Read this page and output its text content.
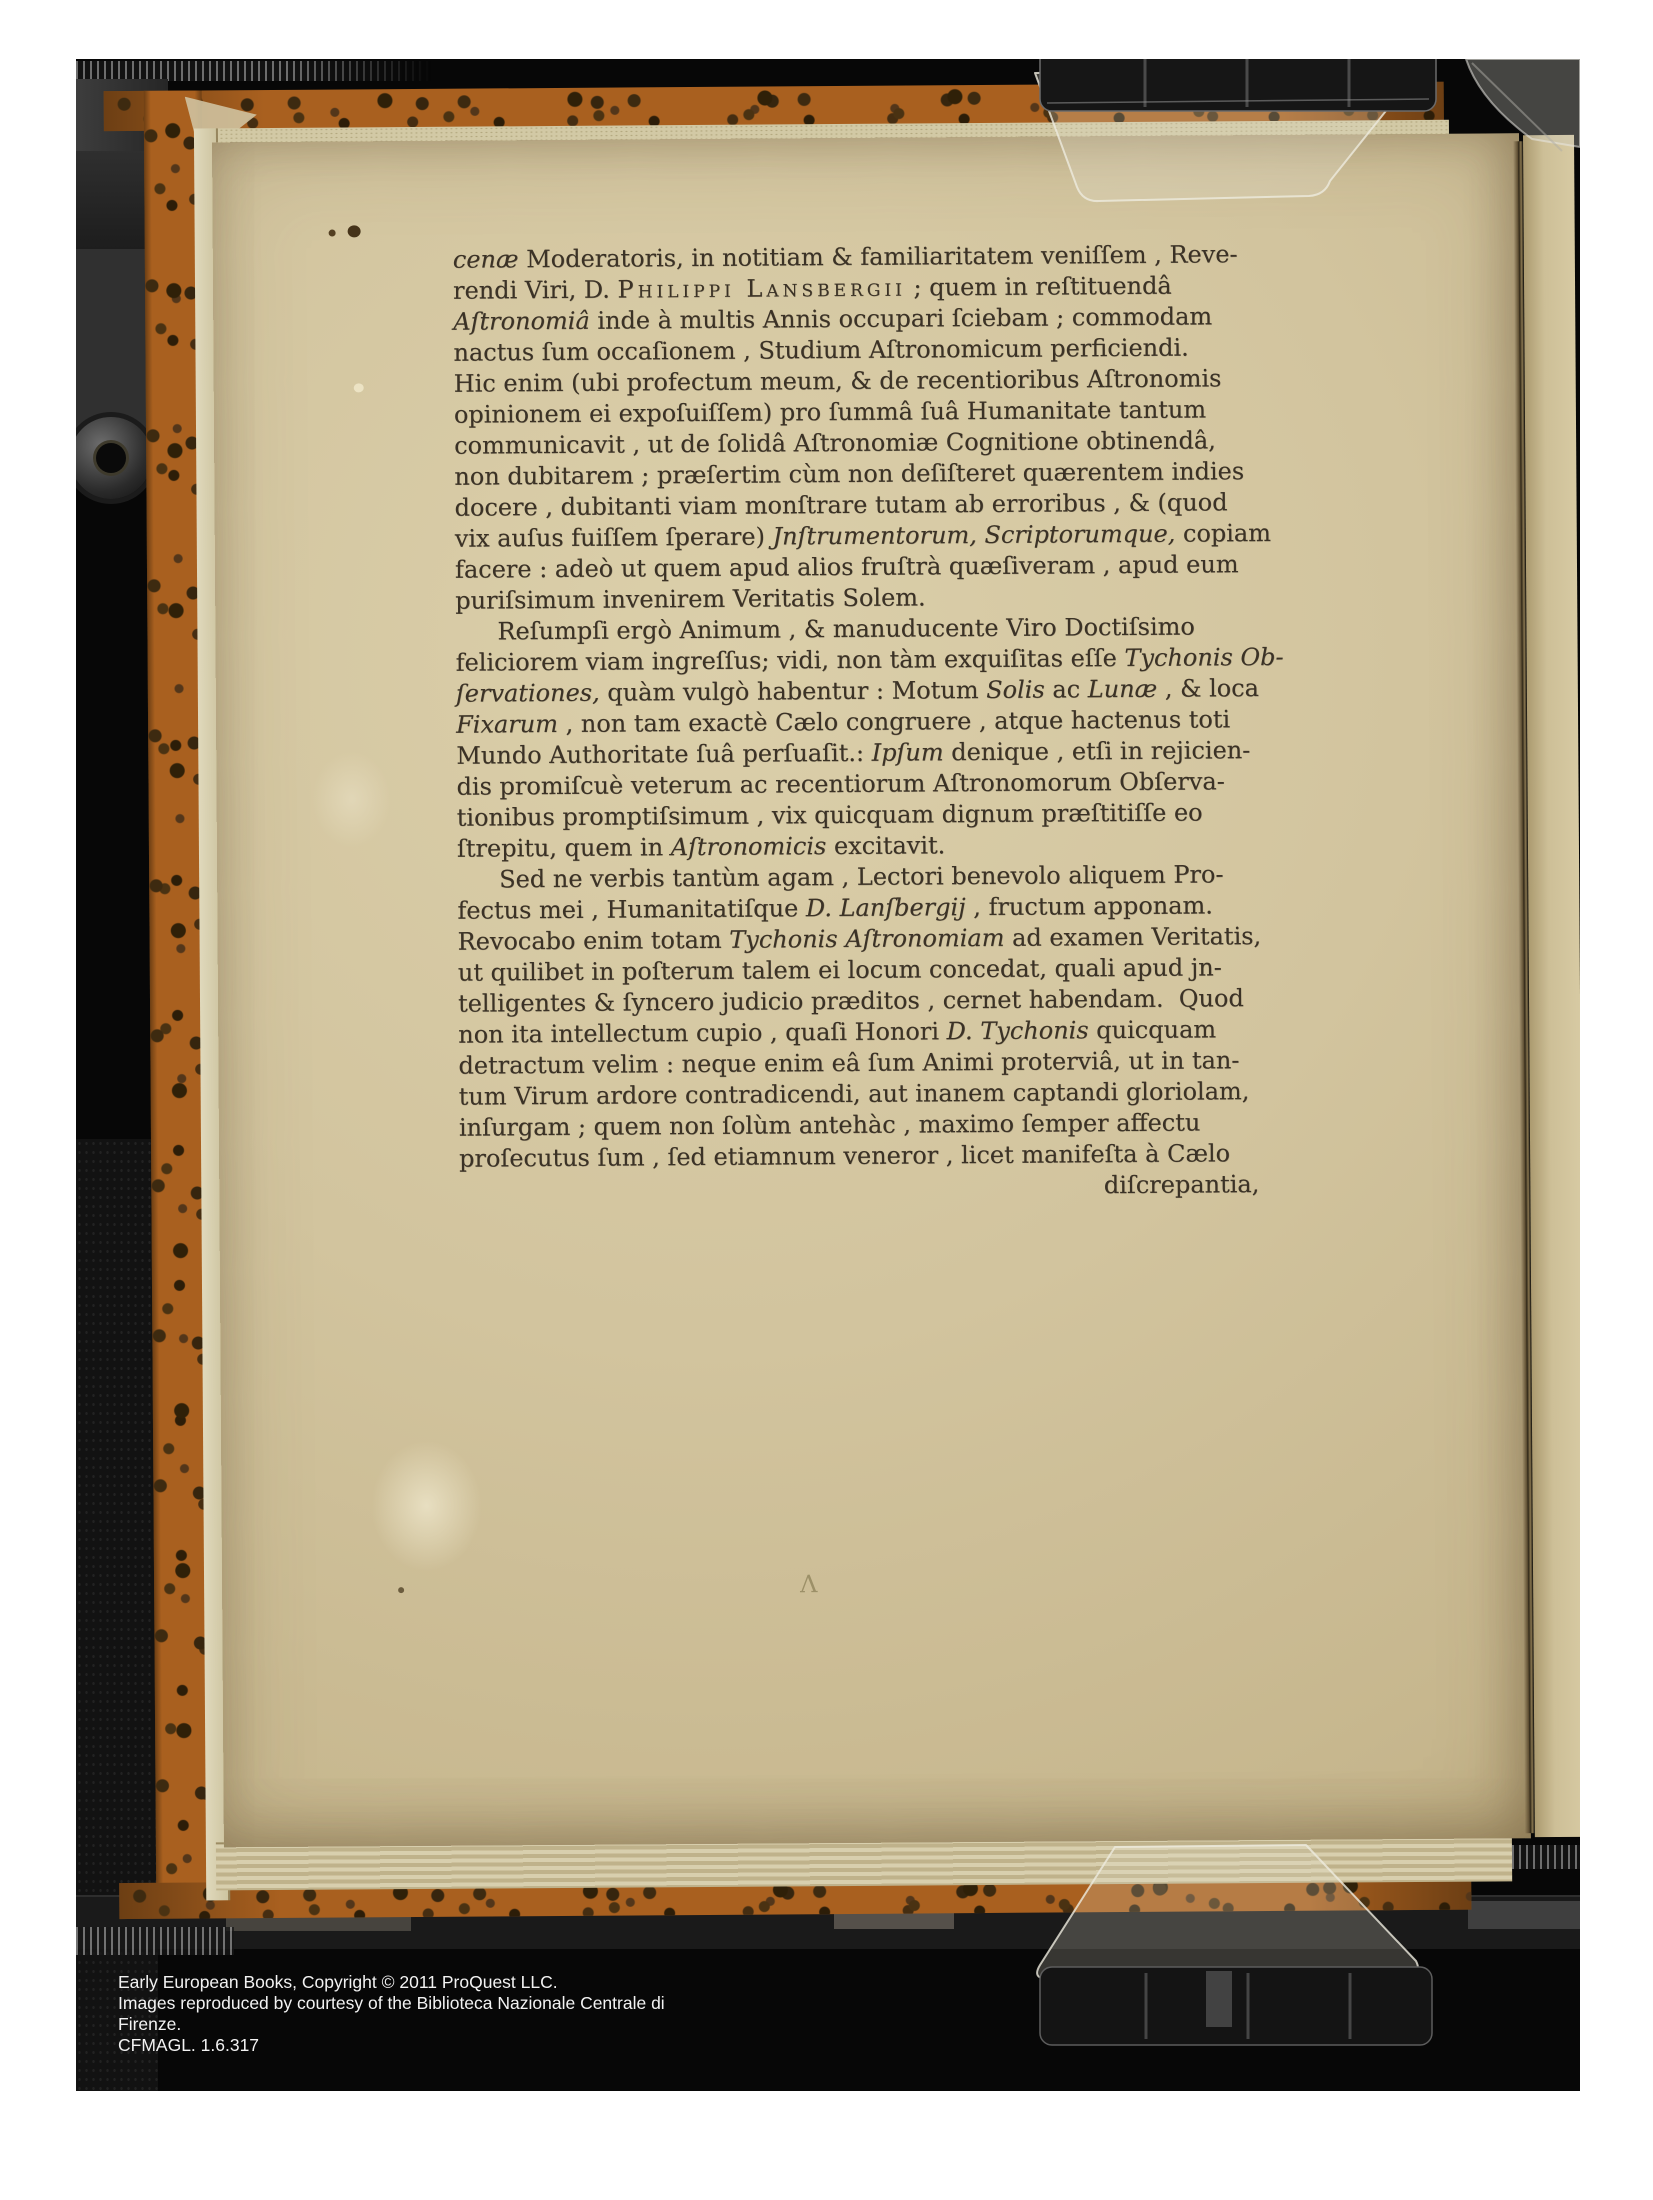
Λ
cenæ Moderatoris, in notitiam & familiaritatem veniſſem , Reve-
rendi Viri, D. Philippi Lansbergii ; quem in reſtituendâ
Aſtronomiâ inde à multis Annis occupari ſciebam ; commodam
nactus ſum occaſionem , Studium Aſtronomicum perficiendi.
Hic enim (ubi profectum meum, & de recentioribus Aſtronomis
opinionem ei expoſuiſſem) pro ſummâ ſuâ Humanitate tantum
communicavit , ut de ſolidâ Aſtronomiæ Cognitione obtinendâ,
non dubitarem ; præſertim cùm non deſiſteret quærentem indies
docere , dubitanti viam monſtrare tutam ab erroribus , & (quod
vix auſus fuiſſem ſperare) Jnſtrumentorum, Scriptorumque, copiam
facere : adeò ut quem apud alios fruſtrà quæſiveram , apud eum
puriſsimum invenirem Veritatis Solem.
Reſumpſi ergò Animum , & manuducente Viro Doctiſsimo
feliciorem viam ingreſſus; vidi, non tàm exquiſitas eſſe Tychonis Ob-
ſervationes, quàm vulgò habentur : Motum Solis ac Lunæ , & loca
Fixarum , non tam exactè Cælo congruere , atque hactenus toti
Mundo Authoritate ſuâ perſuaſit.: Ipſum denique , etſi in rejicien-
dis promiſcuè veterum ac recentiorum Aſtronomorum Obſerva-
tionibus promptiſsimum , vix quicquam dignum præſtitiſſe eo
ſtrepitu, quem in Aſtronomicis excitavit.
Sed ne verbis tantùm agam , Lectori benevolo aliquem Pro-
fectus mei , Humanitatiſque D. Lanſbergij , fructum apponam.
Revocabo enim totam Tychonis Aſtronomiam ad examen Veritatis,
ut quilibet in poſterum talem ei locum concedat, quali apud jn-
telligentes & ſyncero judicio præditos , cernet habendam.  Quod
non ita intellectum cupio , quaſi Honori D. Tychonis quicquam
detractum velim : neque enim eâ ſum Animi proterviâ, ut in tan-
tum Virum ardore contradicendi, aut inanem captandi gloriolam,
inſurgam ; quem non ſolùm antehàc , maximo ſemper affectu
proſecutus ſum , ſed etiamnum veneror , licet manifeſta à Cælo
diſcrepantia,
Early European Books, Copyright © 2011 ProQuest LLC.
Images reproduced by courtesy of the Biblioteca Nazionale Centrale di
Firenze.
CFMAGL. 1.6.317
